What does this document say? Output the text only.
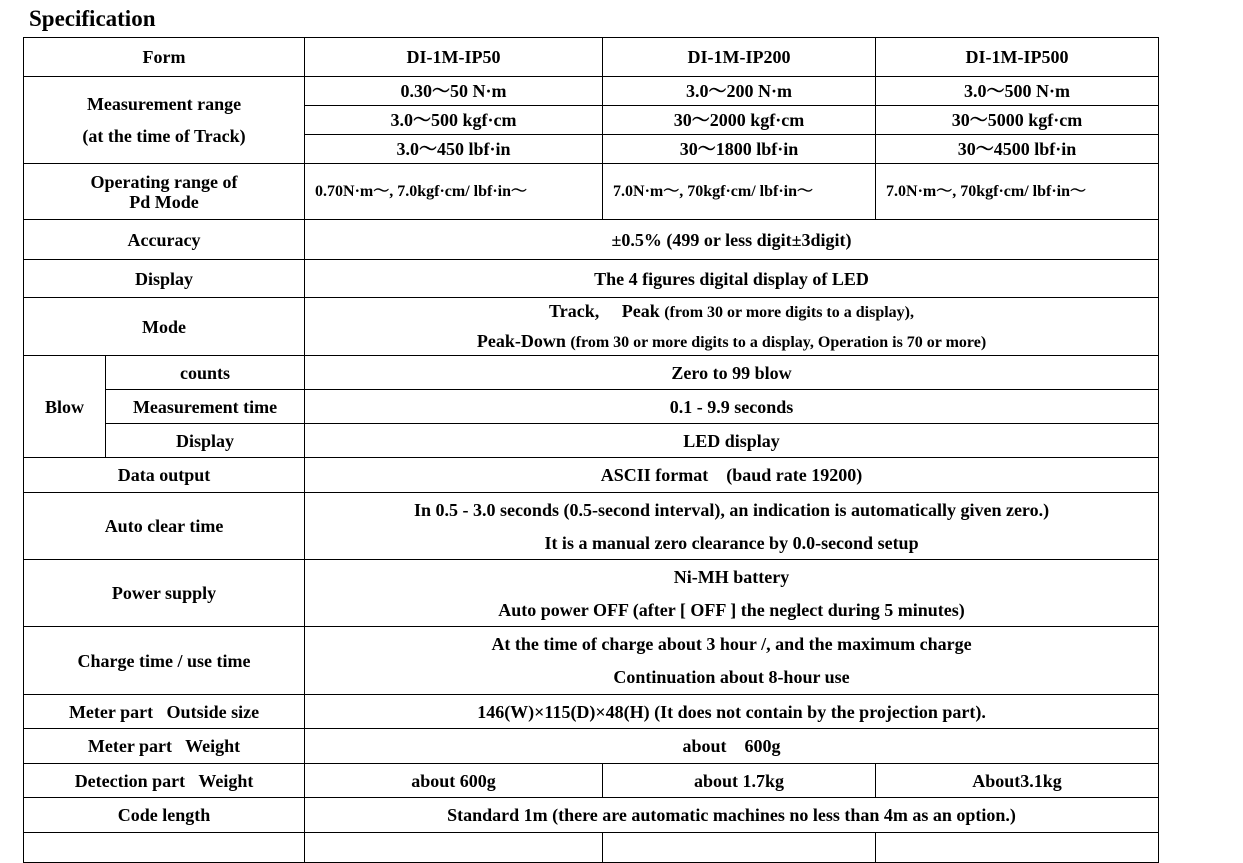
Specification
Form		DI-1M-IP50	DI-1M-IP200	DI-1M-IP500

Measurement range
(at the time of Track)		0.30～50 N·m	3.0～200 N·m	3.0～500 N·m
		3.0～500 kgf·cm	30～2000 kgf·cm	30～5000 kgf·cm
		3.0～450 lbf·in	30～1800 lbf·in	30～4500 lbf·in

Operating range of
Pd Mode		0.70N·m～, 7.0kgf·cm/ lbf·in～	7.0N·m～, 70kgf·cm/ lbf·in～	7.0N·m～, 70kgf·cm/ lbf·in～
Accuracy		±0.5% (499 or less digit±3digit)		
Display		The 4 figures digital display of LED		
Mode		Track, Peak (from 30 or more digits to a display),
Peak-Down (from 30 or more digits to a display, Operation is 70 or more)		

Blow	counts	Zero to 99 blow		
	Measurement time	0.1 - 9.9 seconds		
	Display	LED display		
Data output		ASCII format    (baud rate 19200)		
Auto clear time		In 0.5 - 3.0 seconds (0.5-second interval), an indication is automatically given zero.)
It is a manual zero clearance by 0.0-second setup		

Power supply		Ni-MH battery
Auto power OFF (after [ OFF ] the neglect during 5 minutes)		

Charge time / use time		At the time of charge about 3 hour /, and the maximum charge
Continuation about 8-hour use		

Meter part   Outside size		146(W)×115(D)×48(H) (It does not contain by the projection part).		
Meter part   Weight		about    600g		
Detection part   Weight		about 600g	about 1.7kg	About3.1kg
Code length		Standard 1m (there are automatic machines no less than 4m as an option.)		
